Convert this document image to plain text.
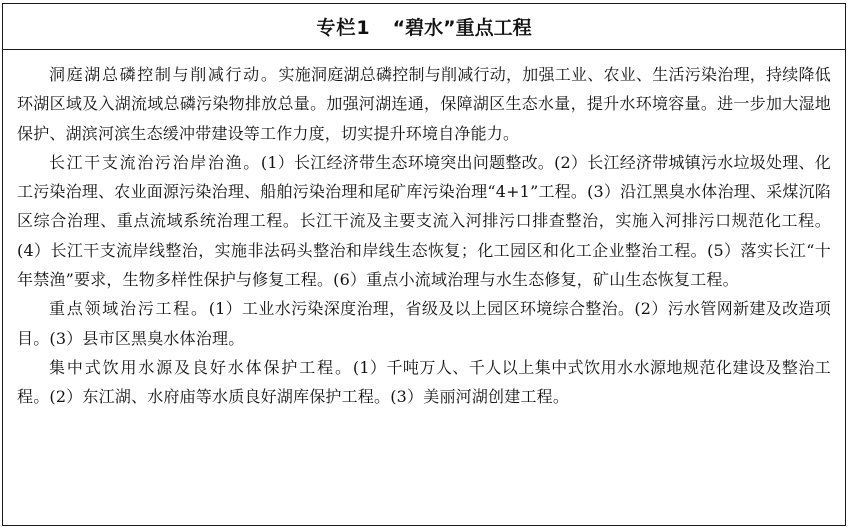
专栏1 “碧水”重点工程

洞庭湖总磷控制与削减行动。实施洞庭湖总磷控制与削减行动，加强工业、农业、生活污染治理，持续降低环湖区域及入湖流域总磷污染物排放总量。加强河湖连通，保障湖区生态水量，提升水环境容量。进一步加大湿地保护、湖滨河滨生态缓冲带建设等工作力度，切实提升环境自净能力。

长江干支流治污治岸治渔。(1）长江经济带生态环境突出问题整改。(2）长江经济带城镇污水垃圾处理、化工污染治理、农业面源污染治理、船舶污染治理和尾矿库污染治理“4+1”工程。(3）沿江黑臭水体治理、采煤沉陷区综合治理、重点流域系统治理工程。长江干流及主要支流入河排污口排查整治，实施入河排污口规范化工程。(4）长江干支流岸线整治，实施非法码头整治和岸线生态恢复；化工园区和化工企业整治工程。(5）落实长江“十年禁渔”要求，生物多样性保护与修复工程。(6）重点小流域治理与水生态修复，矿山生态恢复工程。

重点领域治污工程。(1）工业水污染深度治理，省级及以上园区环境综合整治。(2）污水管网新建及改造项目。(3）县市区黑臭水体治理。

集中式饮用水源及良好水体保护工程。(1）千吨万人、千人以上集中式饮用水水源地规范化建设及整治工程。(2）东江湖、水府庙等水质良好湖库保护工程。(3）美丽河湖创建工程。
